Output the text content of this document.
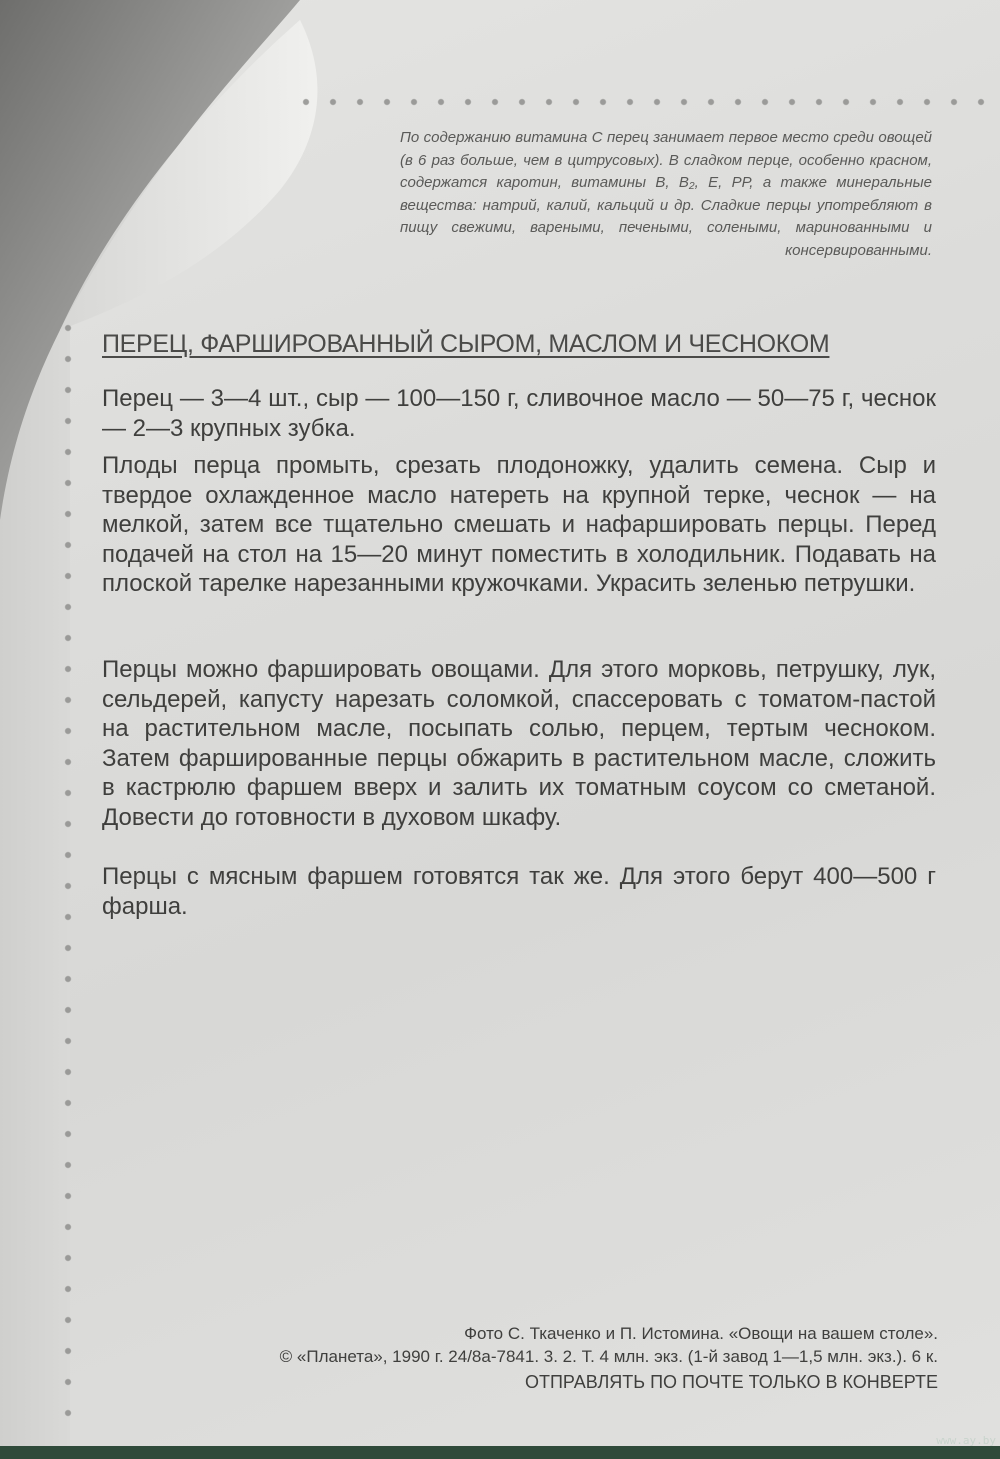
По содержанию витамина С перец занимает первое место среди овощей (в 6 раз больше, чем в цитрусовых). В сладком перце, особенно красном, содержатся каротин, витамины В, В₂, Е, РР, а также минеральные вещества: натрий, калий, кальций и др. Сладкие перцы употребляют в пищу свежими, вареными, печеными, солеными, маринованными и консервированными.

ПЕРЕЦ, ФАРШИРОВАННЫЙ СЫРОМ, МАСЛОМ И ЧЕСНОКОМ

Перец — 3—4 шт., сыр — 100—150 г, сливочное масло — 50—75 г, чеснок — 2—3 крупных зубка.

Плоды перца промыть, срезать плодоножку, удалить семена. Сыр и твердое охлажденное масло натереть на крупной терке, чеснок — на мелкой, затем все тщательно смешать и нафаршировать перцы. Перед подачей на стол на 15—20 минут поместить в холодильник. Подавать на плоской тарелке нарезанными кружочками. Украсить зеленью петрушки.

Перцы можно фаршировать овощами. Для этого морковь, петрушку, лук, сельдерей, капусту нарезать соломкой, спассеровать с томатом-пастой на растительном масле, посыпать солью, перцем, тертым чесноком. Затем фаршированные перцы обжарить в растительном масле, сложить в кастрюлю фаршем вверх и залить их томатным соусом со сметаной. Довести до готовности в духовом шкафу.

Перцы с мясным фаршем готовятся так же. Для этого берут 400—500 г фарша.

Фото С. Ткаченко и П. Истомина. «Овощи на вашем столе».

© «Планета», 1990 г. 24/8а-7841. 3. 2. Т. 4 млн. экз. (1-й завод 1—1,5 млн. экз.). 6 к.

ОТПРАВЛЯТЬ ПО ПОЧТЕ ТОЛЬКО В КОНВЕРТЕ

www.ay.by
